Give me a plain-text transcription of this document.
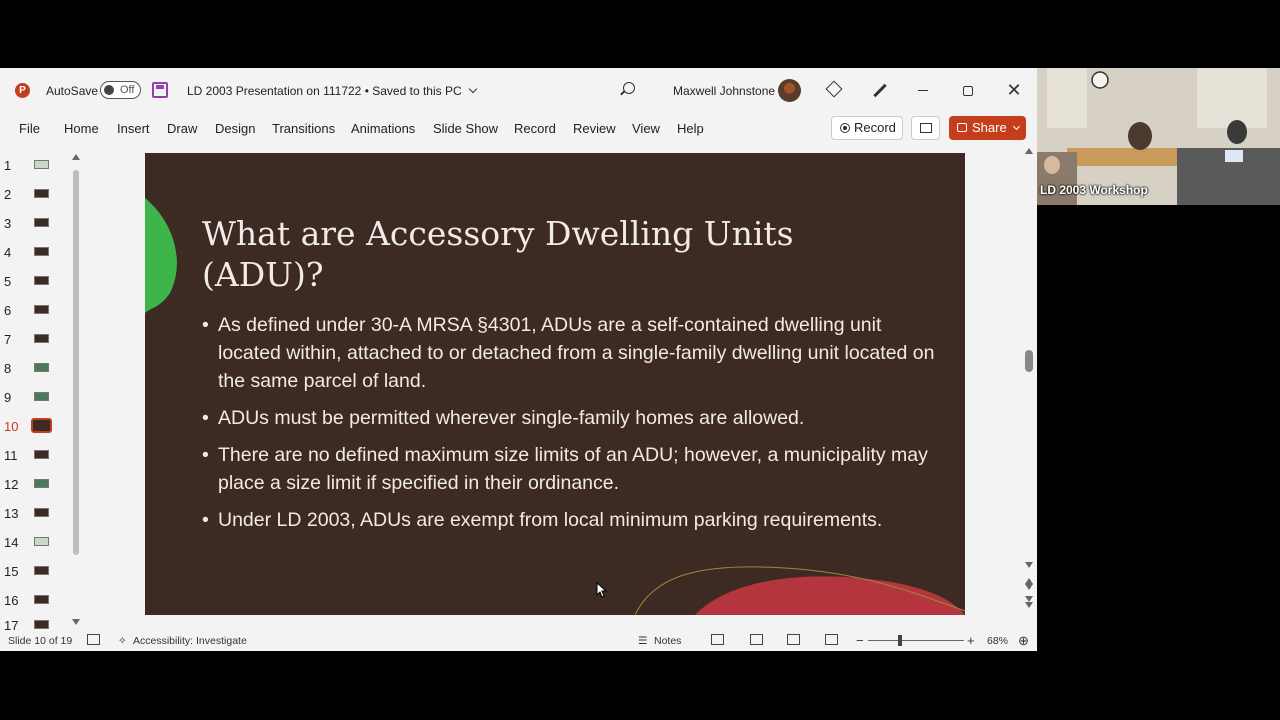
P	AutoSave Off	LD 2003 Presentation on 111722 • Saved to this PC	Maxwell Johnstone	✕
File Home Insert Draw Design Transitions Animations Slide Show Record Review View Help	Record	Share
1
2
3
4
5
6
7
8
9
10
11
12
13
14
15
16
17
What are Accessory Dwelling Units (ADU)?
• As defined under 30-A MRSA §4301, ADUs are a self-contained dwelling unit located within, attached to or detached from a single-family dwelling unit located on the same parcel of land.
• ADUs must be permitted wherever single-family homes are allowed.
• There are no defined maximum size limits of an ADU; however, a municipality may place a size limit if specified in their ordinance.
• Under LD 2003, ADUs are exempt from local minimum parking requirements.
Slide 10 of 19	✧ Accessibility: Investigate	☰ Notes	−	+ 68% ⊕
LD 2003 Workshop
